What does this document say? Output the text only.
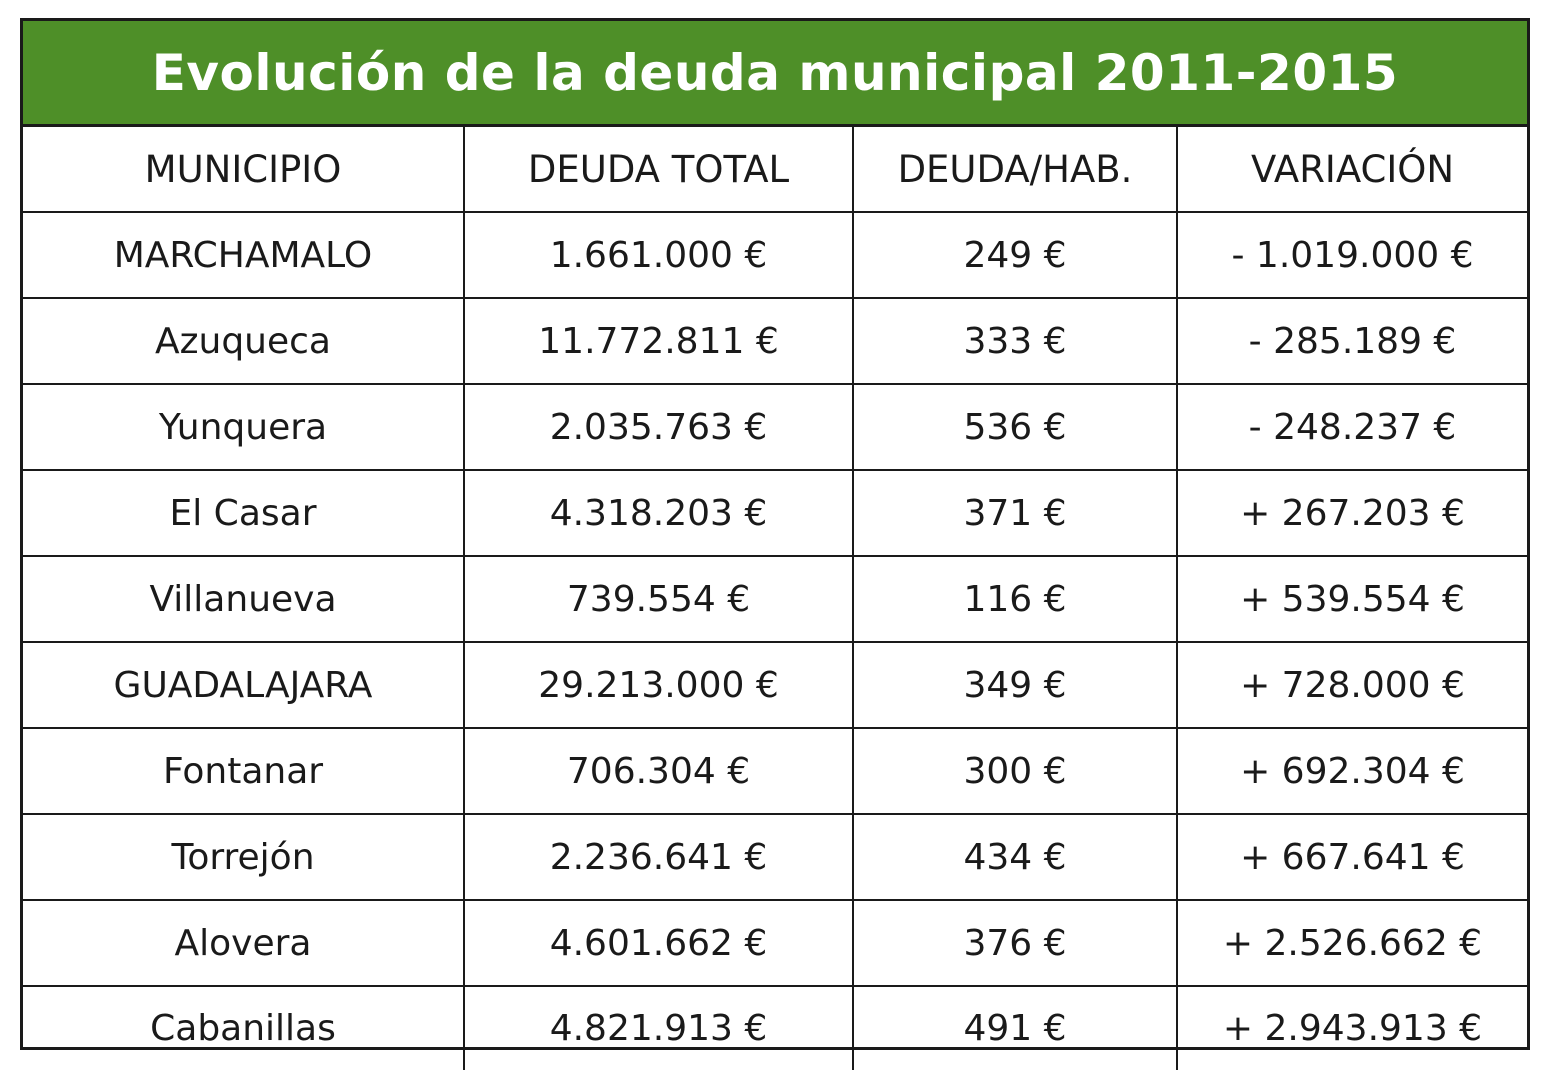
Evolución de la deuda municipal 2011-2015
MUNICIPIO	DEUDA TOTAL	DEUDA/HAB.	VARIACIÓN
MARCHAMALO	1.661.000 €	249 €	- 1.019.000 €
Azuqueca	11.772.811 €	333 €	- 285.189 €
Yunquera	2.035.763 €	536 €	- 248.237 €
El Casar	4.318.203 €	371 €	+ 267.203 €
Villanueva	739.554 €	116 €	+ 539.554 €
GUADALAJARA	29.213.000 €	349 €	+ 728.000 €
Fontanar	706.304 €	300 €	+ 692.304 €
Torrejón	2.236.641 €	434 €	+ 667.641 €
Alovera	4.601.662 €	376 €	+ 2.526.662 €
Cabanillas	4.821.913 €	491 €	+ 2.943.913 €
